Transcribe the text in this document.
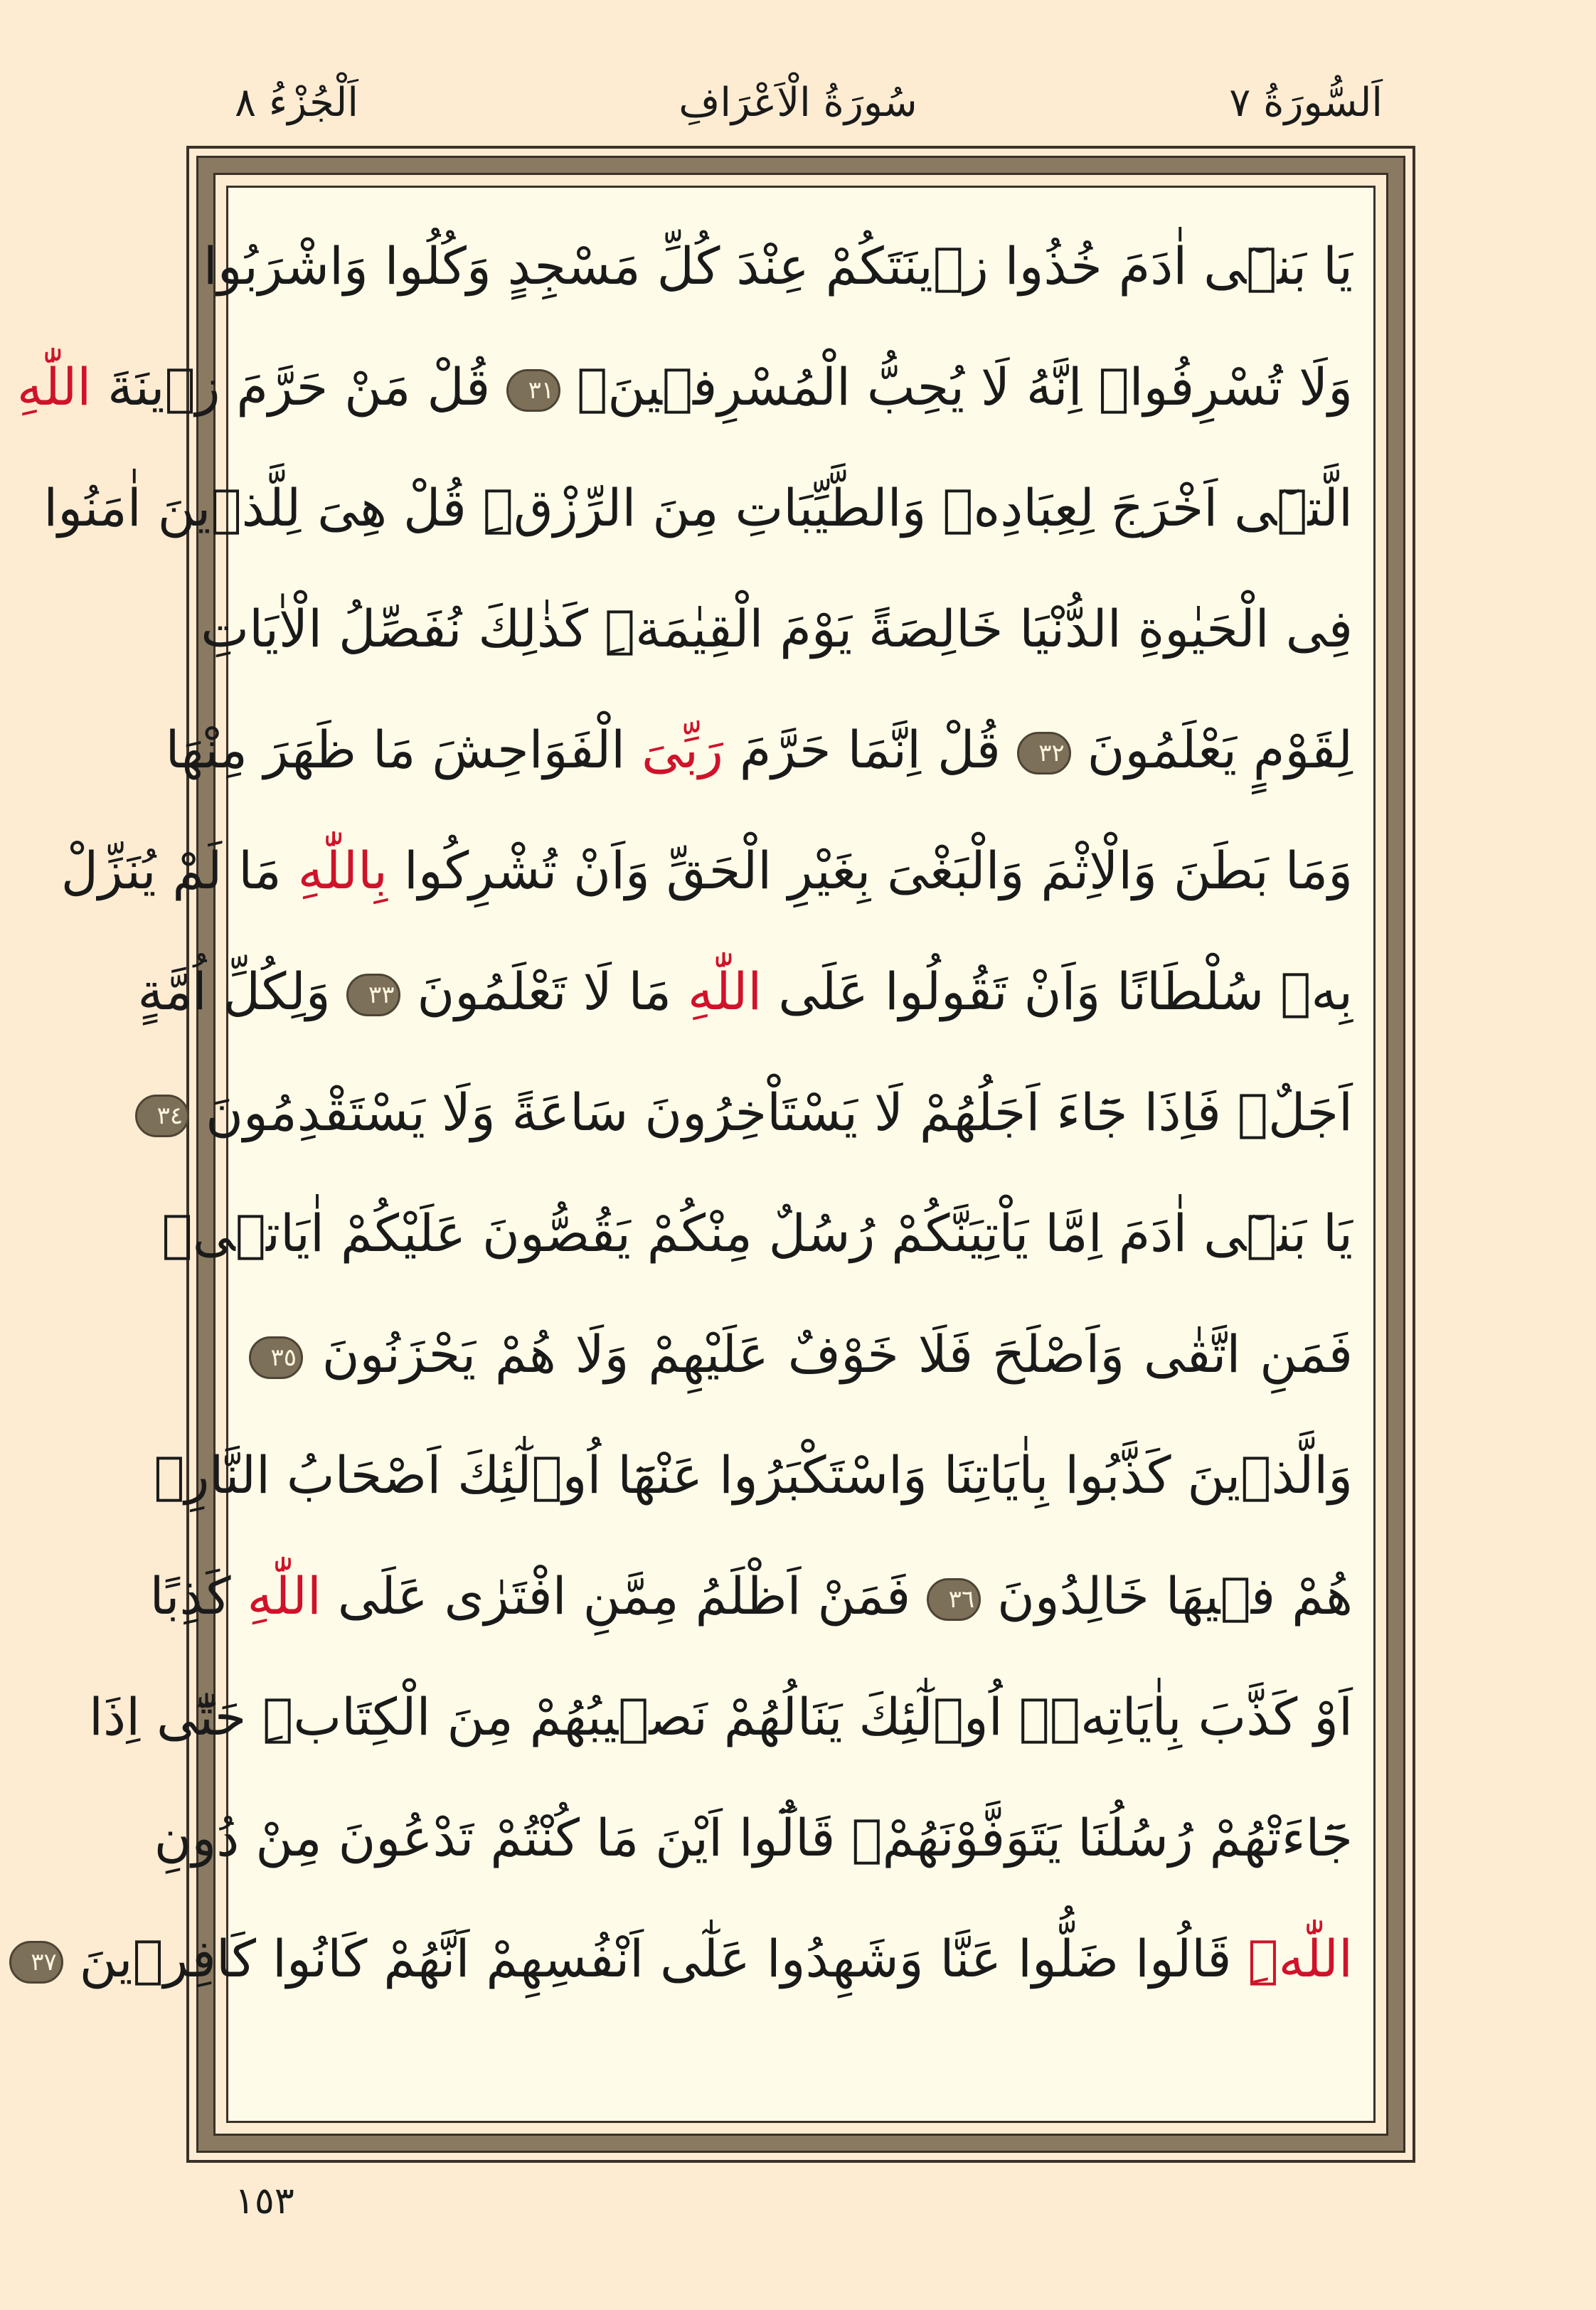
اَلْجُزْءُ ٨	سُورَةُ الْاَعْرَافِ	اَلسُّورَةُ ٧
يَا بَنٖٓى اٰدَمَ خُذُوا زٖينَتَكُمْ عِنْدَ كُلِّ مَسْجِدٍ وَكُلُوا وَاشْرَبُوا
وَلَا تُسْرِفُواۚ اِنَّهُ لَا يُحِبُّ الْمُسْرِفٖينَ۟ ٣١ قُلْ مَنْ حَرَّمَ زٖينَةَ اللّٰهِ
الَّتٖٓى اَخْرَجَ لِعِبَادِهٖ وَالطَّيِّبَاتِ مِنَ الرِّزْقِۜ قُلْ هِىَ لِلَّذٖينَ اٰمَنُوا
فِى الْحَيٰوةِ الدُّنْيَا خَالِصَةً يَوْمَ الْقِيٰمَةِۜ كَذٰلِكَ نُفَصِّلُ الْاٰيَاتِ
لِقَوْمٍ يَعْلَمُونَ ٣٢ قُلْ اِنَّمَا حَرَّمَ رَبِّىَ الْفَوَاحِشَ مَا ظَهَرَ مِنْهَا
وَمَا بَطَنَ وَالْاِثْمَ وَالْبَغْىَ بِغَيْرِ الْحَقِّ وَاَنْ تُشْرِكُوا بِاللّٰهِ مَا لَمْ يُنَزِّلْ
بِهٖ سُلْطَانًا وَاَنْ تَقُولُوا عَلَى اللّٰهِ مَا لَا تَعْلَمُونَ ٣٣ وَلِكُلِّ اُمَّةٍ
اَجَلٌۚ فَاِذَا جَٓاءَ اَجَلُهُمْ لَا يَسْتَاْخِرُونَ سَاعَةً وَلَا يَسْتَقْدِمُونَ ٣٤
يَا بَنٖٓى اٰدَمَ اِمَّا يَاْتِيَنَّكُمْ رُسُلٌ مِنْكُمْ يَقُصُّونَ عَلَيْكُمْ اٰيَاتٖىۙ
فَمَنِ اتَّقٰى وَاَصْلَحَ فَلَا خَوْفٌ عَلَيْهِمْ وَلَا هُمْ يَحْزَنُونَ ٣٥
وَالَّذٖينَ كَذَّبُوا بِاٰيَاتِنَا وَاسْتَكْبَرُوا عَنْهَٓا اُو۬لٰٓئِكَ اَصْحَابُ النَّارِۚ
هُمْ فٖيهَا خَالِدُونَ ٣٦ فَمَنْ اَظْلَمُ مِمَّنِ افْتَرٰى عَلَى اللّٰهِ كَذِبًا
اَوْ كَذَّبَ بِاٰيَاتِهٖۜ اُو۬لٰٓئِكَ يَنَالُهُمْ نَصٖيبُهُمْ مِنَ الْكِتَابِۜ حَتّٰٓى اِذَا
جَٓاءَتْهُمْ رُسُلُنَا يَتَوَفَّوْنَهُمْۙ قَالُٓوا اَيْنَ مَا كُنْتُمْ تَدْعُونَ مِنْ دُونِ
اللّٰهِۜ قَالُوا ضَلُّوا عَنَّا وَشَهِدُوا عَلٰٓى اَنْفُسِهِمْ اَنَّهُمْ كَانُوا كَافِرٖينَ ٣٧
١٥٣
